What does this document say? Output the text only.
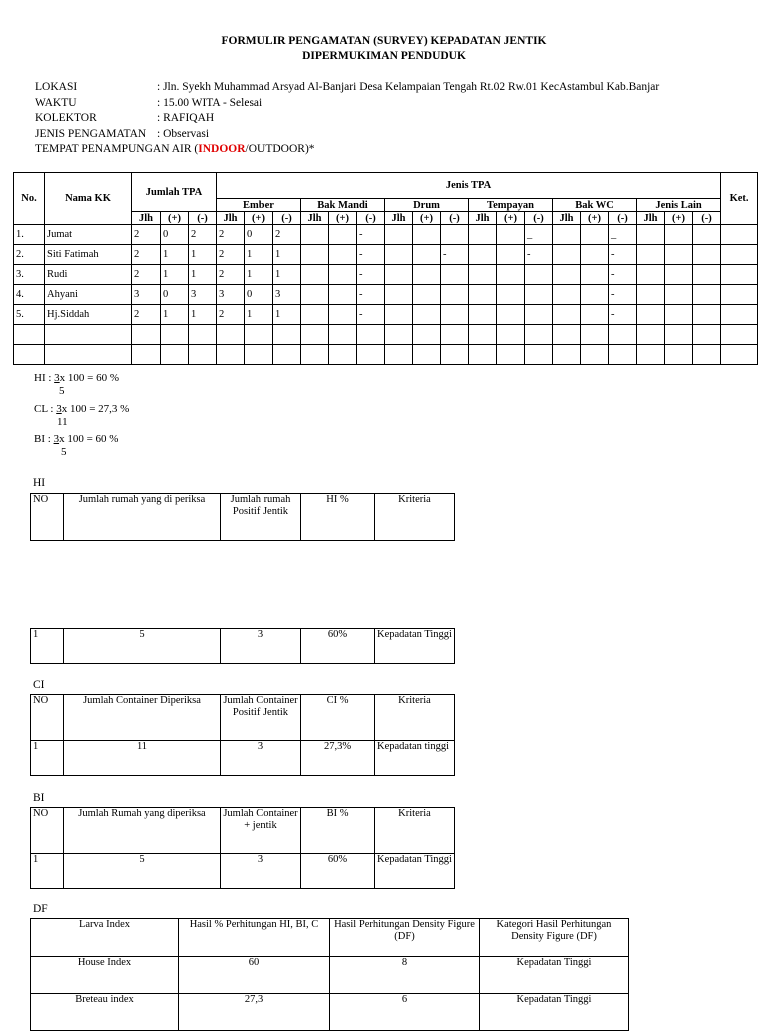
FORMULIR PENGAMATAN (SURVEY) KEPADATAN JENTIK
DIPERMUKIMAN PENDUDUK
LOKASI	: Jln. Syekh Muhammad Arsyad Al-Banjari Desa Kelampaian Tengah Rt.02 Rw.01 KecAstambul Kab.Banjar
WAKTU	: 15.00 WITA - Selesai
KOLEKTOR	: RAFIQAH
JENIS PENGAMATAN : Observasi
TEMPAT PENAMPUNGAN AIR (INDOOR/OUTDOOR)*
No.	Nama KK	Jumlah TPA			Jenis TPA																		Ket.
					Ember			Bak Mandi			Drum			Tempayan			Bak WC			Jenis Lain			
		Jlh	(+)	(-)	Jlh	(+)	(-)	Jlh	(+)	(-)	Jlh	(+)	(-)	Jlh	(+)	(-)	Jlh	(+)	(-)	Jlh	(+)	(-)	
1.	Jumat	2	0	2	2	0	2			-						_			_				
2.	Siti Fatimah	2	1	1	2	1	1			-			-			-			-				
3.	Rudi	2	1	1	2	1	1			-									-				
4.	Ahyani	3	0	3	3	0	3			-									-				
5.	Hj.Siddah	2	1	1	2	1	1			-									-				

HI : 3x 100 = 60 %
5
CL : 3x 100 = 27,3 %
11
BI : 3x 100 = 60 %
5
HI
NO	Jumlah rumah yang di periksa	Jumlah rumah Positif Jentik	HI %	Kriteria
1	5	3	60%	Kepadatan Tinggi
CI
NO	Jumlah Container Diperiksa	Jumlah Container Positif Jentik	CI %	Kriteria
1	11	3	27,3%	Kepadatan tinggi
BI
NO	Jumlah Rumah yang diperiksa	Jumlah Container + jentik	BI %	Kriteria
1	5	3	60%	Kepadatan Tinggi
DF
Larva Index	Hasil % Perhitungan HI, BI, C	Hasil Perhitungan Density Figure (DF)	Kategori Hasil Perhitungan Density Figure (DF)
House Index	60	8	Kepadatan Tinggi
Breteau index	27,3	6	Kepadatan Tinggi
